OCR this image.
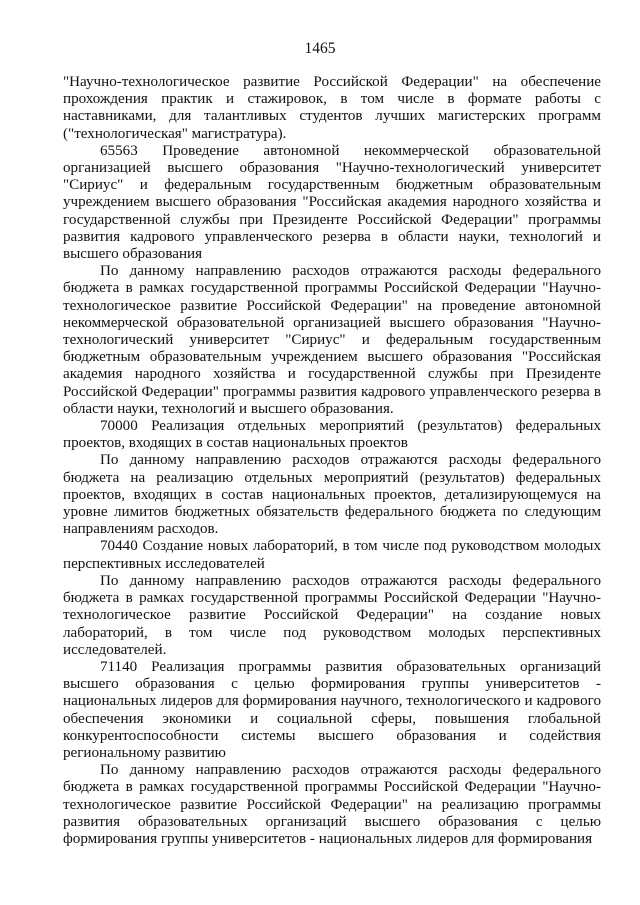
1465

"Научно-технологическое развитие Российской Федерации" на обеспечение прохождения практик и стажировок, в том числе в формате работы с наставниками, для талантливых студентов лучших магистерских программ ("технологическая" магистратура).

65563 Проведение автономной некоммерческой образовательной организацией высшего образования "Научно-технологический университет "Сириус" и федеральным государственным бюджетным образовательным учреждением высшего образования "Российская академия народного хозяйства и государственной службы при Президенте Российской Федерации" программы развития кадрового управленческого резерва в области науки, технологий и высшего образования

По данному направлению расходов отражаются расходы федерального бюджета в рамках государственной программы Российской Федерации "Научно-технологическое развитие Российской Федерации" на проведение автономной некоммерческой образовательной организацией высшего образования "Научно-технологический университет "Сириус" и федеральным государственным бюджетным образовательным учреждением высшего образования "Российская академия народного хозяйства и государственной службы при Президенте Российской Федерации" программы развития кадрового управленческого резерва в области науки, технологий и высшего образования.

70000 Реализация отдельных мероприятий (результатов) федеральных проектов, входящих в состав национальных проектов

По данному направлению расходов отражаются расходы федерального бюджета на реализацию отдельных мероприятий (результатов) федеральных проектов, входящих в состав национальных проектов, детализирующемуся на уровне лимитов бюджетных обязательств федерального бюджета по следующим направлениям расходов.

70440 Создание новых лабораторий, в том числе под руководством молодых перспективных исследователей

По данному направлению расходов отражаются расходы федерального бюджета в рамках государственной программы Российской Федерации "Научно-технологическое развитие Российской Федерации" на создание новых лабораторий, в том числе под руководством молодых перспективных исследователей.

71140 Реализация программы развития образовательных организаций высшего образования с целью формирования группы университетов - национальных лидеров для формирования научного, технологического и кадрового обеспечения экономики и социальной сферы, повышения глобальной конкурентоспособности системы высшего образования и содействия региональному развитию

По данному направлению расходов отражаются расходы федерального бюджета в рамках государственной программы Российской Федерации "Научно-технологическое развитие Российской Федерации" на реализацию программы развития образовательных организаций высшего образования с целью формирования группы университетов - национальных лидеров для формирования
